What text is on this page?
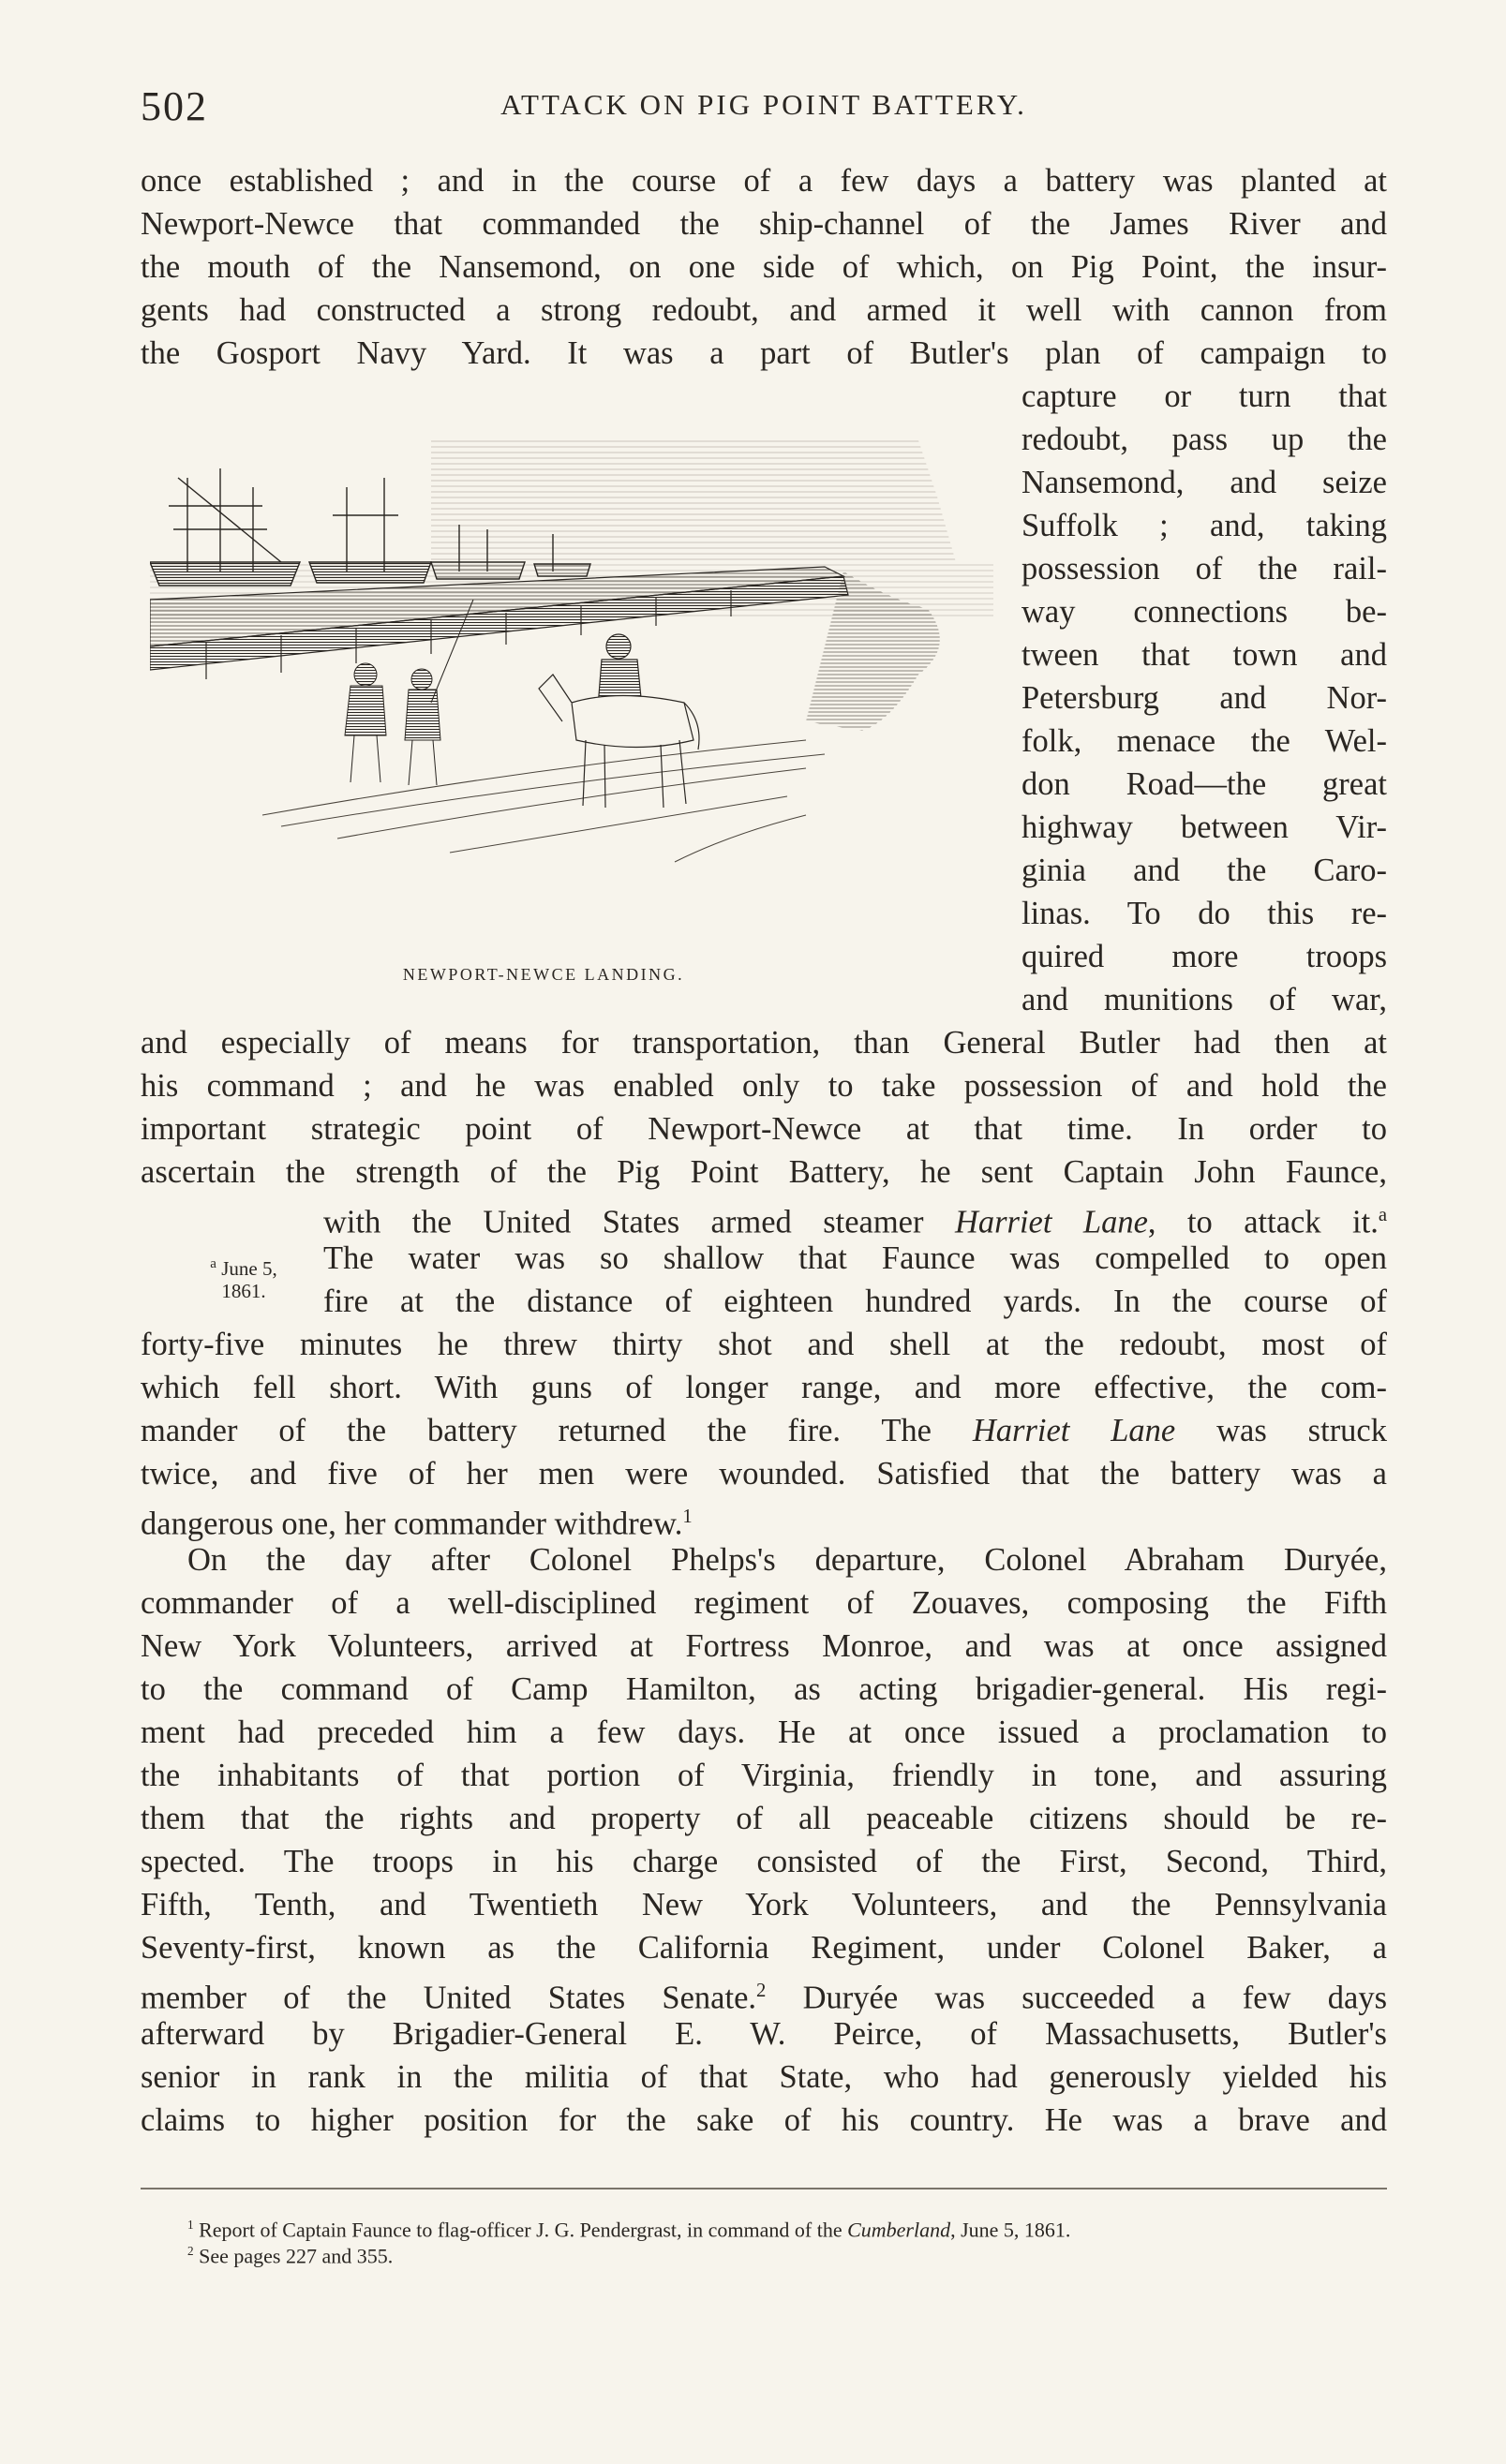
502	ATTACK ON PIG POINT BATTERY.
once established ; and in the course of a few days a battery was planted at
Newport-Newce that commanded the ship-channel of the James River and
the mouth of the Nansemond, on one side of which, on Pig Point, the insur-
gents had constructed a strong redoubt, and armed it well with cannon from
the Gosport Navy Yard. It was a part of Butler's plan of campaign to
capture or turn that
redoubt, pass up the
Nansemond, and seize
Suffolk ; and, taking
possession of the rail-
way connections be-
tween that town and
Petersburg and Nor-
folk, menace the Wel-
don Road—the great
highway between Vir-
ginia and the Caro-
linas. To do this re-
quired more troops
and munitions of war,
NEWPORT-NEWCE LANDING.
and especially of means for transportation, than General Butler had then at
his command ; and he was enabled only to take possession of and hold the
important strategic point of Newport-Newce at that time. In order to
ascertain the strength of the Pig Point Battery, he sent Captain John Faunce,
with the United States armed steamer Harriet Lane, to attack it.$^a$
$^a$ June 5,
1861.
The water was so shallow that Faunce was compelled to open
fire at the distance of eighteen hundred yards. In the course of
forty-five minutes he threw thirty shot and shell at the redoubt, most of
which fell short. With guns of longer range, and more effective, the com-
mander of the battery returned the fire. The Harriet Lane was struck
twice, and five of her men were wounded. Satisfied that the battery was a
dangerous one, her commander withdrew.$^1$
On the day after Colonel Phelps's departure, Colonel Abraham Duryée,
commander of a well-disciplined regiment of Zouaves, composing the Fifth
New York Volunteers, arrived at Fortress Monroe, and was at once assigned
to the command of Camp Hamilton, as acting brigadier-general. His regi-
ment had preceded him a few days. He at once issued a proclamation to
the inhabitants of that portion of Virginia, friendly in tone, and assuring
them that the rights and property of all peaceable citizens should be re-
spected. The troops in his charge consisted of the First, Second, Third,
Fifth, Tenth, and Twentieth New York Volunteers, and the Pennsylvania
Seventy-first, known as the California Regiment, under Colonel Baker, a
member of the United States Senate.$^2$ Duryée was succeeded a few days
afterward by Brigadier-General E. W. Peirce, of Massachusetts, Butler's
senior in rank in the militia of that State, who had generously yielded his
claims to higher position for the sake of his country. He was a brave and
$^1$ Report of Captain Faunce to flag-officer J. G. Pendergrast, in command of the Cumberland, June 5, 1861.
$^2$ See pages 227 and 355.
